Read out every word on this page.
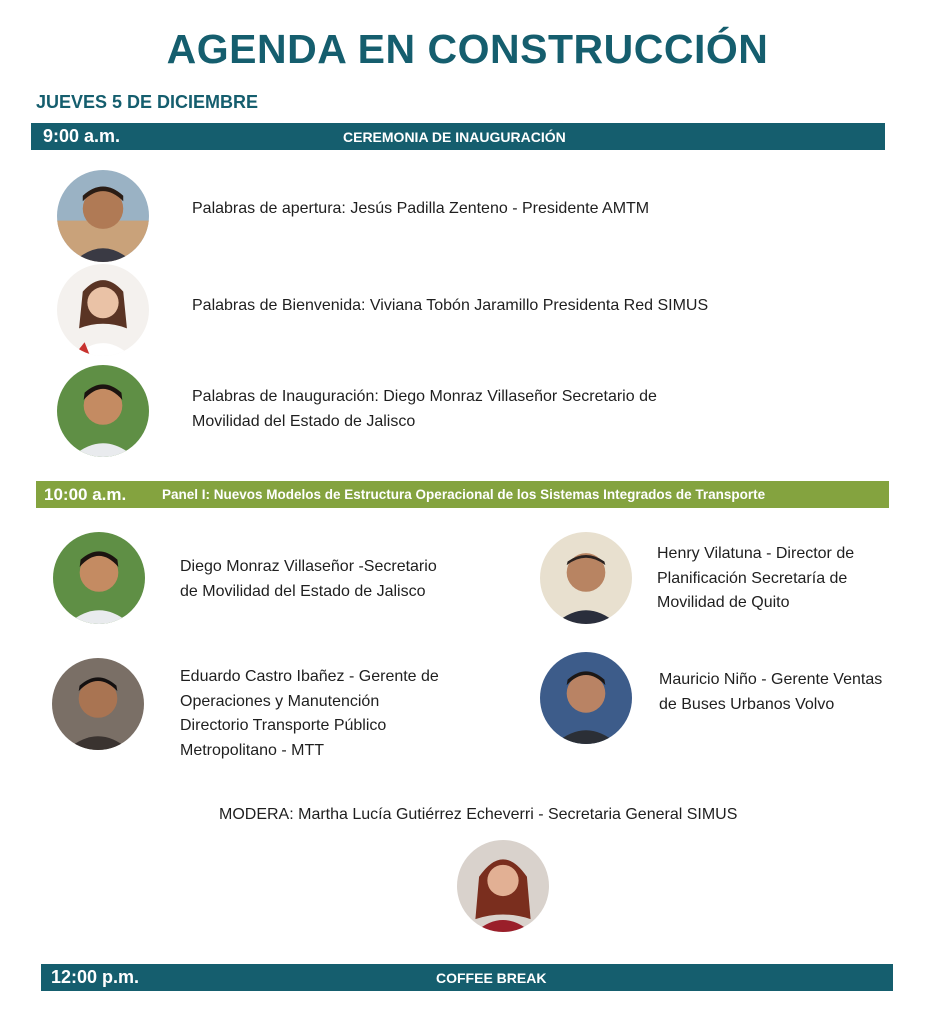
AGENDA EN CONSTRUCCIÓN
JUEVES 5 DE DICIEMBRE
9:00 a.m.	CEREMONIA DE INAUGURACIÓN
Palabras de apertura: Jesús Padilla Zenteno - Presidente AMTM
Palabras de Bienvenida: Viviana Tobón Jaramillo Presidenta Red SIMUS
Palabras de Inauguración: Diego Monraz Villaseñor Secretario de
Movilidad del Estado de Jalisco
10:00 a.m.	Panel I: Nuevos Modelos de Estructura Operacional de los Sistemas Integrados de Transporte
Diego Monraz Villaseñor -Secretario
de Movilidad del Estado de Jalisco
Henry Vilatuna - Director de
Planificación Secretaría de
Movilidad de Quito
Eduardo Castro Ibañez - Gerente de
Operaciones y Manutención
Directorio Transporte Público
Metropolitano - MTT
Mauricio Niño - Gerente Ventas
de Buses Urbanos Volvo
MODERA: Martha Lucía Gutiérrez Echeverri - Secretaria General SIMUS
12:00 p.m.	COFFEE BREAK
